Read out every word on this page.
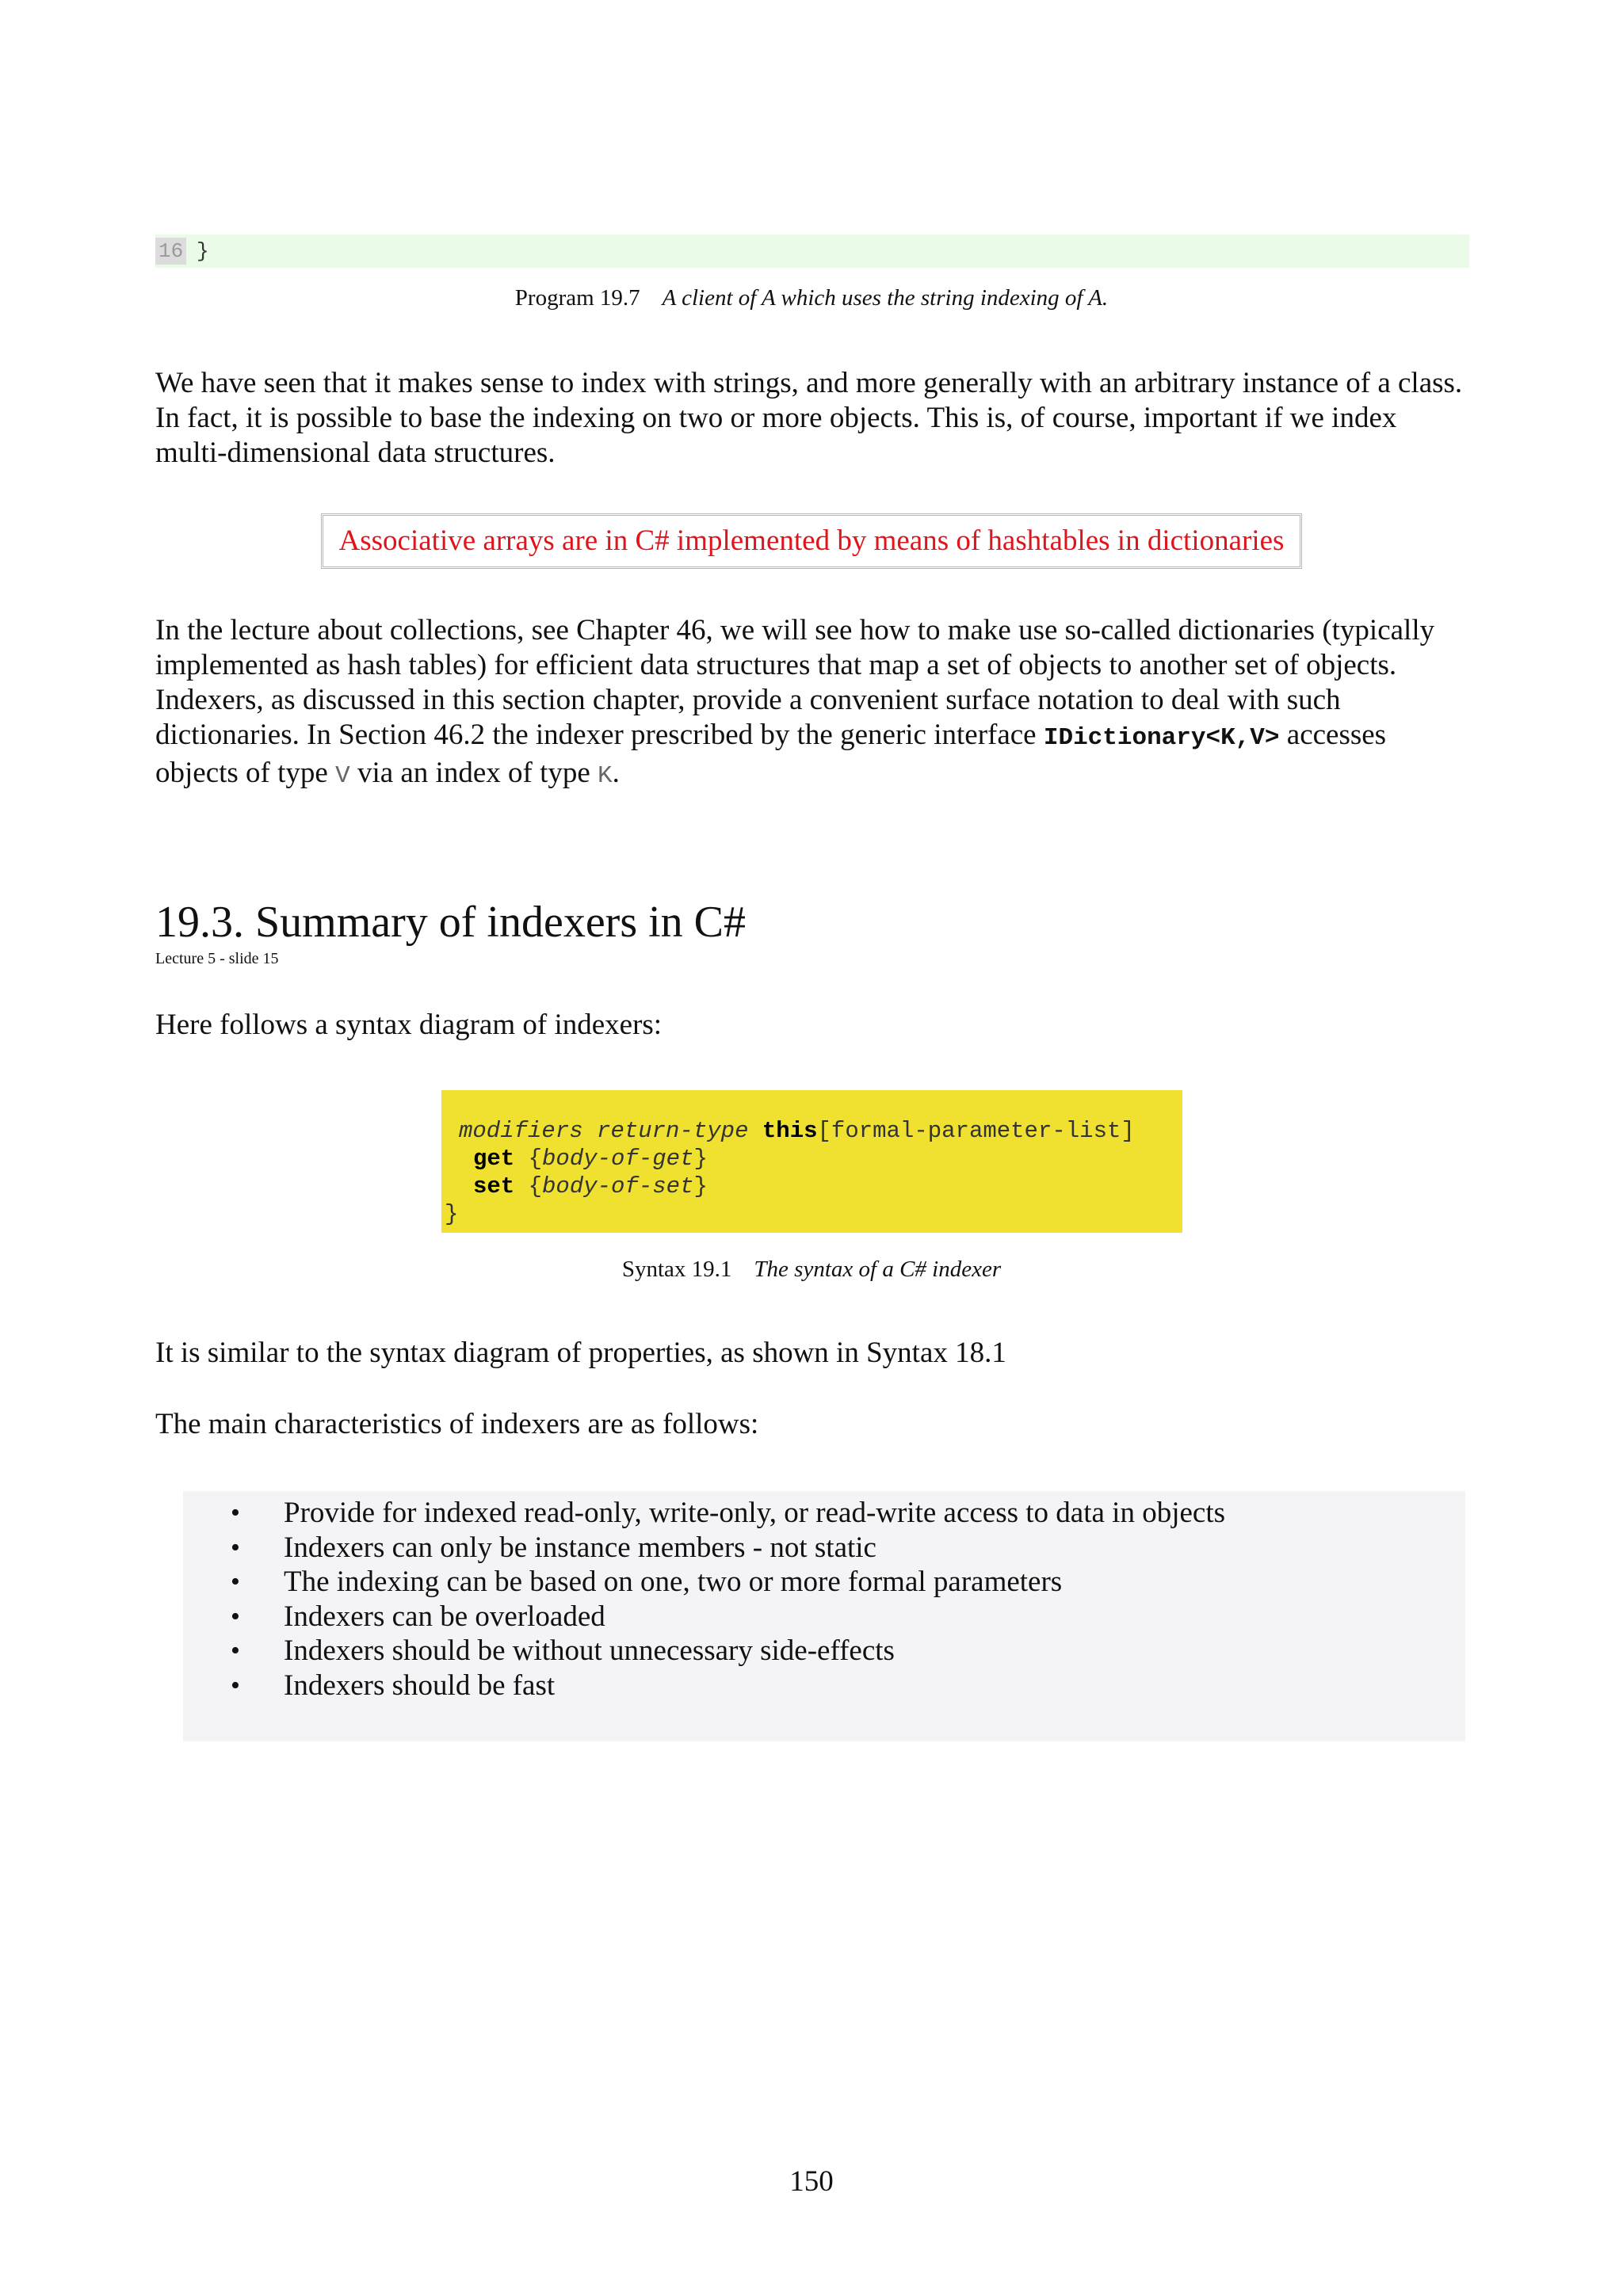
16 }
Program 19.7 A client of A which uses the string indexing of A.
We have seen that it makes sense to index with strings, and more generally with an arbitrary instance of a class. In fact, it is possible to base the indexing on two or more objects. This is, of course, important if we index multi-dimensional data structures.
Associative arrays are in C# implemented by means of hashtables in dictionaries
In the lecture about collections, see Chapter 46, we will see how to make use so-called dictionaries (typically
implemented as hash tables) for efficient data structures that map a set of objects to another set of objects.
Indexers, as discussed in this section chapter, provide a convenient surface notation to deal with such
dictionaries. In Section 46.2 the indexer prescribed by the generic interface IDictionary<K,V> accesses
objects of type V via an index of type K.
19.3. Summary of indexers in C#
Lecture 5 - slide 15
Here follows a syntax diagram of indexers:
modifiers return-type this[formal-parameter-list]
get {body-of-get}
set {body-of-set}
}
Syntax 19.1 The syntax of a C# indexer
It is similar to the syntax diagram of properties, as shown in Syntax 18.1
The main characteristics of indexers are as follows:
• Provide for indexed read-only, write-only, or read-write access to data in objects
• Indexers can only be instance members - not static
• The indexing can be based on one, two or more formal parameters
• Indexers can be overloaded
• Indexers should be without unnecessary side-effects
• Indexers should be fast
150
